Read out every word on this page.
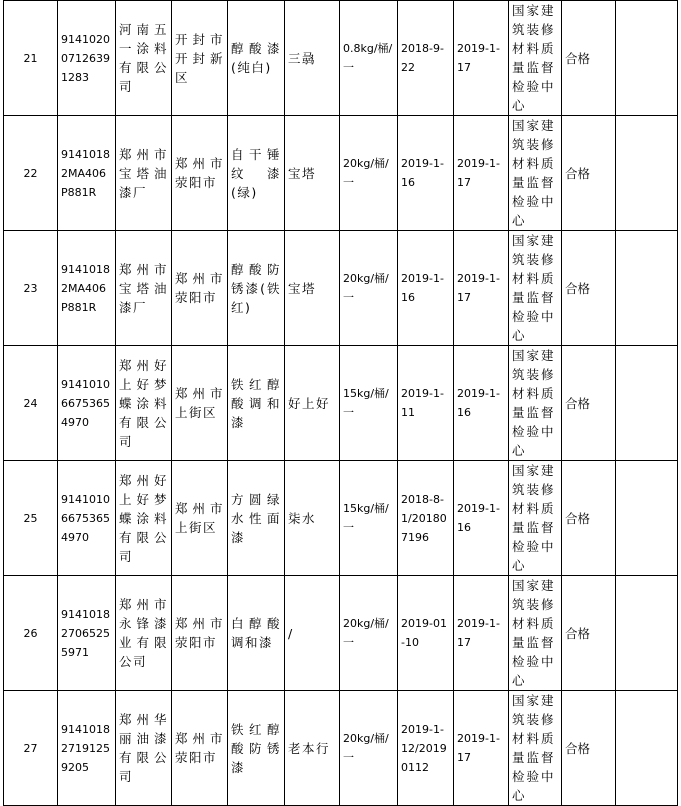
21	914102007126391283	河南五一涂料有限公司	开封市开封新区	醇酸漆(纯白)	三骉	0.8kg/桶/一	2018-9-22	2019-1-17	国家建筑装修材料质量监督检验中心	合格	
22	91410182MA406P881R	郑州市宝塔油漆厂	郑州市荥阳市	自干锤纹漆(绿)	宝塔	20kg/桶/一	2019-1-16	2019-1-17	国家建筑装修材料质量监督检验中心	合格	
23	91410182MA406P881R	郑州市宝塔油漆厂	郑州市荥阳市	醇酸防锈漆(铁红)	宝塔	20kg/桶/一	2019-1-16	2019-1-17	国家建筑装修材料质量监督检验中心	合格	
24	914101066753654970	郑州好上好梦蝶涂料有限公司	郑州市上街区	铁红醇酸调和漆	好上好	15kg/桶/一	2019-1-11	2019-1-16	国家建筑装修材料质量监督检验中心	合格	
25	914101066753654970	郑州好上好梦蝶涂料有限公司	郑州市上街区	方圆绿水性面漆	柒水	15kg/桶/一	2018-8-1/201807196	2019-1-16	国家建筑装修材料质量监督检验中心	合格	
26	914101827065255971	郑州市永锋漆业有限公司	郑州市荥阳市	白醇酸调和漆	/	20kg/桶/一	2019-01-10	2019-1-17	国家建筑装修材料质量监督检验中心	合格	
27	914101827191259205	郑州华丽油漆有限公司	郑州市荥阳市	铁红醇酸防锈漆	老本行	20kg/桶/一	2019-1-12/20190112	2019-1-17	国家建筑装修材料质量监督检验中心	合格	
